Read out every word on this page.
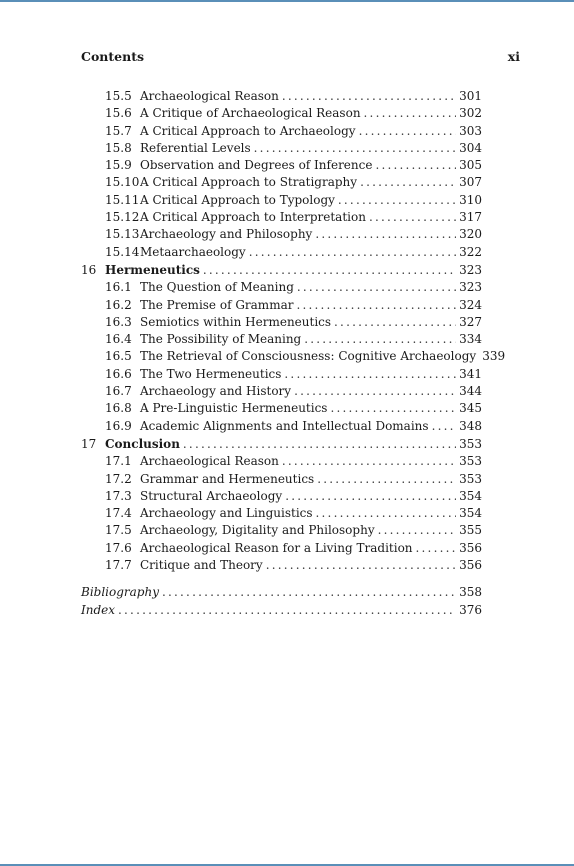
Contents	xi
15.5 Archaeological Reason .....	301
15.6 A Critique of Archaeological Reason .....	302
15.7 A Critical Approach to Archaeology .....	303
15.8 Referential Levels .....	304
15.9 Observation and Degrees of Inference .....	305
15.10 A Critical Approach to Stratigraphy .....	307
15.11 A Critical Approach to Typology .....	310
15.12 A Critical Approach to Interpretation .....	317
15.13 Archaeology and Philosophy .....	320
15.14 Metaarchaeology .....	322
16 Hermeneutics .....	323
16.1 The Question of Meaning .....	323
16.2 The Premise of Grammar .....	324
16.3 Semiotics within Hermeneutics .....	327
16.4 The Possibility of Meaning .....	334
16.5 The Retrieval of Consciousness: Cognitive Archaeology 339
16.6 The Two Hermeneutics .....	341
16.7 Archaeology and History .....	344
16.8 A Pre-Linguistic Hermeneutics .....	345
16.9 Academic Alignments and Intellectual Domains .....	348
17 Conclusion .....	353
17.1 Archaeological Reason .....	353
17.2 Grammar and Hermeneutics .....	353
17.3 Structural Archaeology .....	354
17.4 Archaeology and Linguistics .....	354
17.5 Archaeology, Digitality and Philosophy .....	355
17.6 Archaeological Reason for a Living Tradition .....	356
17.7 Critique and Theory .....	356
Bibliography .....	358
Index .....	376
